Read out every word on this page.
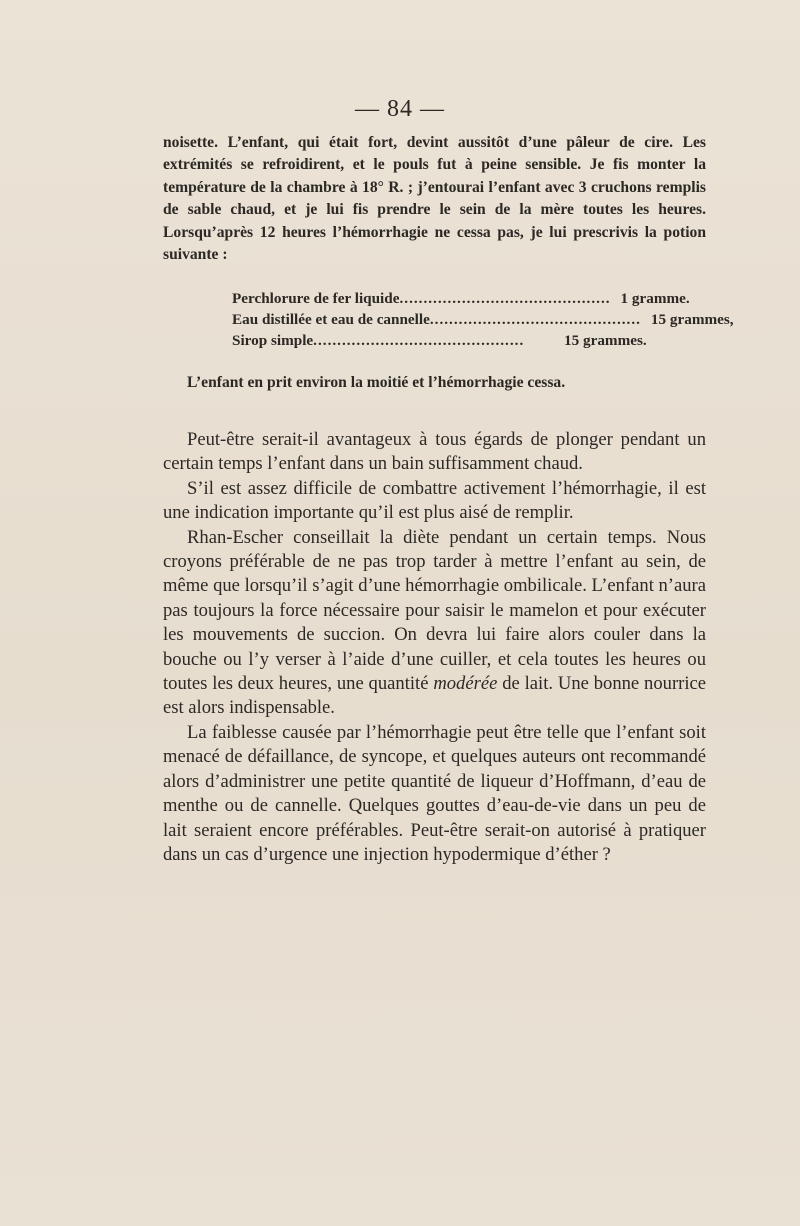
— 84 —

noisette. L’enfant, qui était fort, devint aussitôt d’une pâleur de cire. Les extrémités se refroidirent, et le pouls fut à peine sensible. Je fis monter la température de la chambre à 18° R. ; j’entourai l’enfant avec 3 cruchons remplis de sable chaud, et je lui fis prendre le sein de la mère toutes les heures. Lorsqu’après 12 heures l’hémorrhagie ne cessa pas, je lui prescrivis la potion suivante :

Perchlorure de fer liquide ............................................ 1 gramme.
Eau distillée et eau de cannelle ............................................ 15 grammes,
Sirop simple ............................................	15 grammes.

L’enfant en prit environ la moitié et l’hémorrhagie cessa.

Peut-être serait-il avantageux à tous égards de plonger pendant un certain temps l’enfant dans un bain suffisamment chaud.

S’il est assez difficile de combattre activement l’hémorrhagie, il est une indication importante qu’il est plus aisé de remplir.

Rhan-Escher conseillait la diète pendant un certain temps. Nous croyons préférable de ne pas trop tarder à mettre l’enfant au sein, de même que lorsqu’il s’agit d’une hémorrhagie ombilicale. L’enfant n’aura pas toujours la force nécessaire pour saisir le mamelon et pour exécuter les mouvements de succion. On devra lui faire alors couler dans la bouche ou l’y verser à l’aide d’une cuiller, et cela toutes les heures ou toutes les deux heures, une quantité modérée de lait. Une bonne nourrice est alors indispensable.

La faiblesse causée par l’hémorrhagie peut être telle que l’enfant soit menacé de défaillance, de syncope, et quelques auteurs ont recommandé alors d’administrer une petite quantité de liqueur d’Hoffmann, d’eau de menthe ou de cannelle. Quelques gouttes d’eau-de-vie dans un peu de lait seraient encore préférables. Peut-être serait-on autorisé à pratiquer dans un cas d’urgence une injection hypodermique d’éther ?
